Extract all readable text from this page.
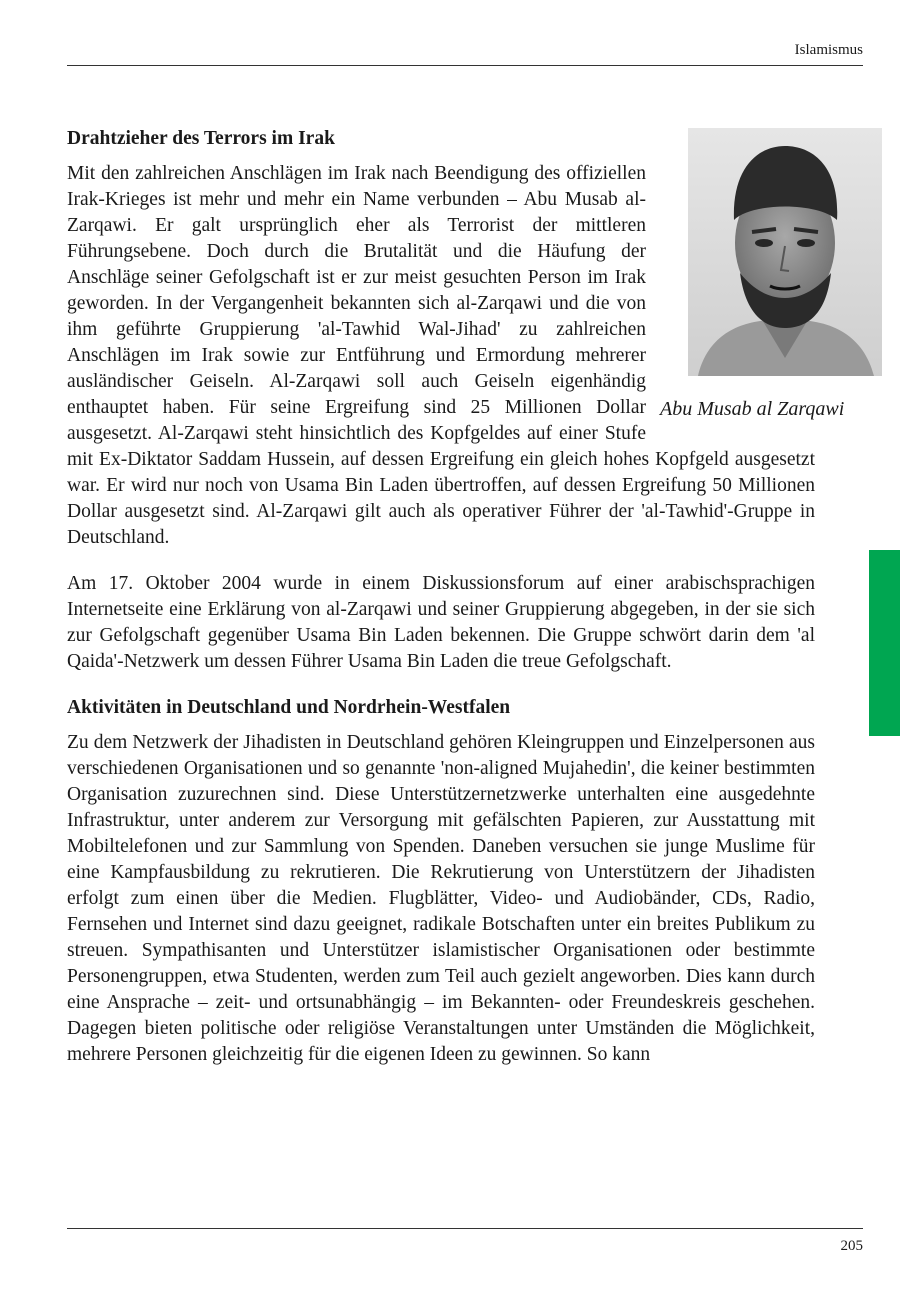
Islamismus
Abu Musab al Zarqawi
Drahtzieher des Terrors im Irak

Mit den zahlreichen Anschlägen im Irak nach Beendigung des offiziellen Irak-Krieges ist mehr und mehr ein Name verbunden – Abu Musab al-Zarqawi. Er galt ursprünglich eher als Terrorist der mittleren Führungsebene. Doch durch die Brutalität und die Häufung der Anschläge seiner Gefolgschaft ist er zur meist gesuchten Person im Irak geworden. In der Vergangenheit bekannten sich al-Zarqawi und die von ihm geführte Gruppierung 'al-Tawhid Wal-Jihad' zu zahlreichen Anschlägen im Irak sowie zur Entführung und Ermordung mehrerer ausländischer Geiseln. Al-Zarqawi soll auch Geiseln eigenhändig enthauptet haben. Für seine Ergreifung sind 25 Millionen Dollar ausgesetzt. Al-Zarqawi steht hinsichtlich des Kopfgeldes auf einer Stufe mit Ex-Diktator Saddam Hussein, auf dessen Ergreifung ein gleich hohes Kopfgeld ausgesetzt war. Er wird nur noch von Usama Bin Laden übertroffen, auf dessen Ergreifung 50 Millionen Dollar ausgesetzt sind. Al-Zarqawi gilt auch als operativer Führer der 'al-Tawhid'-Gruppe in Deutschland.

Am 17. Oktober 2004 wurde in einem Diskussionsforum auf einer arabischsprachigen Internetseite eine Erklärung von al-Zarqawi und seiner Gruppierung abgegeben, in der sie sich zur Gefolgschaft gegenüber Usama Bin Laden bekennen. Die Gruppe schwört darin dem 'al Qaida'-Netzwerk um dessen Führer Usama Bin Laden die treue Gefolgschaft.

Aktivitäten in Deutschland und Nordrhein-Westfalen

Zu dem Netzwerk der Jihadisten in Deutschland gehören Kleingruppen und Einzelpersonen aus verschiedenen Organisationen und so genannte 'non-aligned Mujahedin', die keiner bestimmten Organisation zuzurechnen sind. Diese Unterstützernetzwerke unterhalten eine ausgedehnte Infrastruktur, unter anderem zur Versorgung mit gefälschten Papieren, zur Ausstattung mit Mobiltelefonen und zur Sammlung von Spenden. Daneben versuchen sie junge Muslime für eine Kampfausbildung zu rekrutieren. Die Rekrutierung von Unterstützern der Jihadisten erfolgt zum einen über die Medien. Flugblätter, Video- und Audiobänder, CDs, Radio, Fernsehen und Internet sind dazu geeignet, radikale Botschaften unter ein breites Publikum zu streuen. Sympathisanten und Unterstützer islamistischer Organisationen oder bestimmte Personengruppen, etwa Studenten, werden zum Teil auch gezielt angeworben. Dies kann durch eine Ansprache – zeit- und ortsunabhängig – im Bekannten- oder Freundeskreis geschehen. Dagegen bieten politische oder religiöse Veranstaltungen unter Umständen die Möglichkeit, mehrere Personen gleichzeitig für die eigenen Ideen zu gewinnen. So kann

205
